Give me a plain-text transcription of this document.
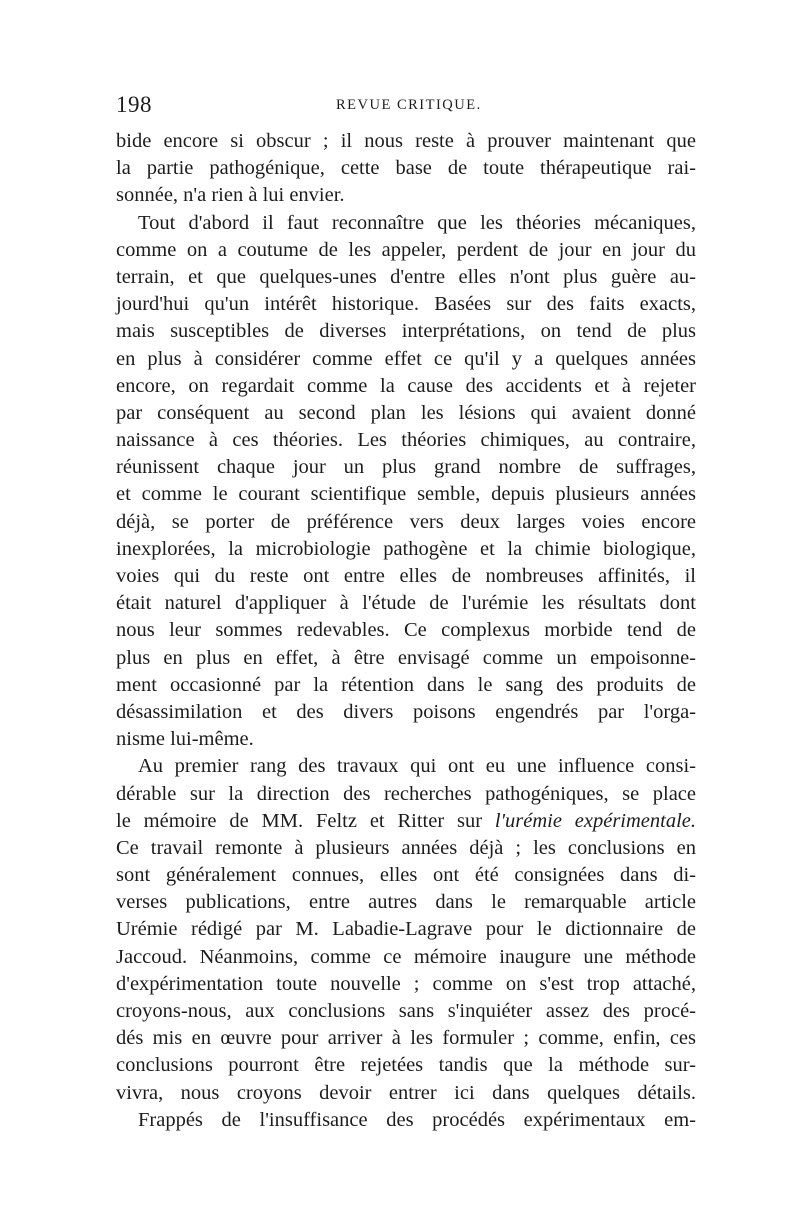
198	REVUE CRITIQUE.
bide encore si obscur ; il nous reste à prouver maintenant que
la partie pathogénique, cette base de toute thérapeutique rai-
sonnée, n'a rien à lui envier.
Tout d'abord il faut reconnaître que les théories mécaniques,
comme on a coutume de les appeler, perdent de jour en jour du
terrain, et que quelques-unes d'entre elles n'ont plus guère au-
jourd'hui qu'un intérêt historique. Basées sur des faits exacts,
mais susceptibles de diverses interprétations, on tend de plus
en plus à considérer comme effet ce qu'il y a quelques années
encore, on regardait comme la cause des accidents et à rejeter
par conséquent au second plan les lésions qui avaient donné
naissance à ces théories. Les théories chimiques, au contraire,
réunissent chaque jour un plus grand nombre de suffrages,
et comme le courant scientifique semble, depuis plusieurs années
déjà, se porter de préférence vers deux larges voies encore
inexplorées, la microbiologie pathogène et la chimie biologique,
voies qui du reste ont entre elles de nombreuses affinités, il
était naturel d'appliquer à l'étude de l'urémie les résultats dont
nous leur sommes redevables. Ce complexus morbide tend de
plus en plus en effet, à être envisagé comme un empoisonne-
ment occasionné par la rétention dans le sang des produits de
désassimilation et des divers poisons engendrés par l'orga-
nisme lui-même.
Au premier rang des travaux qui ont eu une influence consi-
dérable sur la direction des recherches pathogéniques, se place
le mémoire de MM. Feltz et Ritter sur l'urémie expérimentale.
Ce travail remonte à plusieurs années déjà ; les conclusions en
sont généralement connues, elles ont été consignées dans di-
verses publications, entre autres dans le remarquable article
Urémie rédigé par M. Labadie-Lagrave pour le dictionnaire de
Jaccoud. Néanmoins, comme ce mémoire inaugure une méthode
d'expérimentation toute nouvelle ; comme on s'est trop attaché,
croyons-nous, aux conclusions sans s'inquiéter assez des procé-
dés mis en œuvre pour arriver à les formuler ; comme, enfin, ces
conclusions pourront être rejetées tandis que la méthode sur-
vivra, nous croyons devoir entrer ici dans quelques détails.
Frappés de l'insuffisance des procédés expérimentaux em-
